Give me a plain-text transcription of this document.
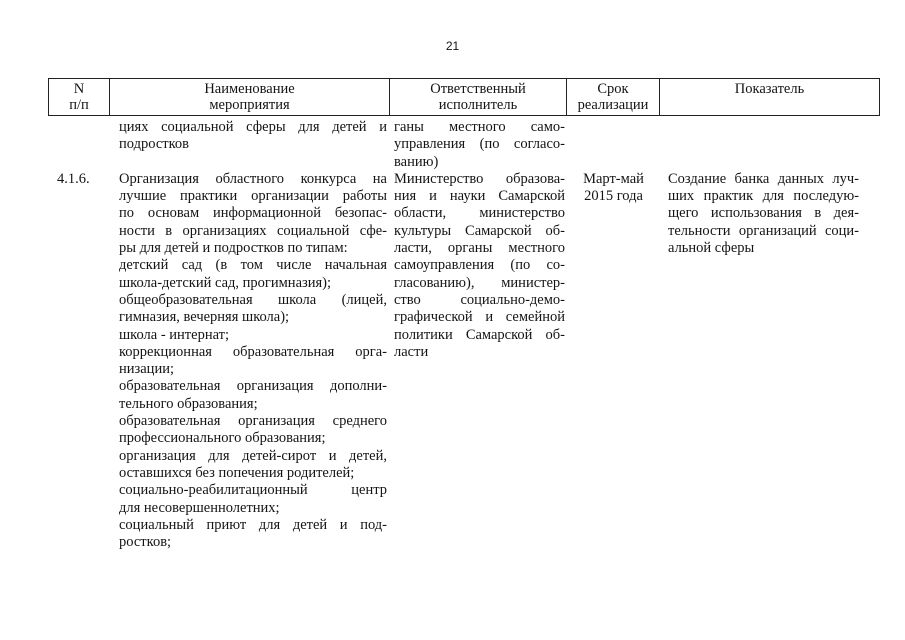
21
N
п/п
Наименование
мероприятия
Ответственный
исполнитель
Срок
реализации
Показатель
циях социальной сферы для детей и
подростков
ганы местного само-
управления (по согласо-
ванию)
4.1.6.	Организация областного конкурса на
лучшие практики организации работы
по основам информационной безопас-
ности в организациях социальной сфе-
ры для детей и подростков по типам:
детский сад (в том числе начальная
школа-детский сад, прогимназия);
общеобразовательная школа (лицей,
гимназия, вечерняя школа);
школа - интернат;
коррекционная образовательная орга-
низации;
образовательная организация дополни-
тельного образования;
образовательная организация среднего
профессионального образования;
организация для детей-сирот и детей,
оставшихся без попечения родителей;
социально-реабилитационный центр
для несовершеннолетних;
социальный приют для детей и под-
ростков;
Министерство образова-
ния и науки Самарской
области, министерство
культуры Самарской об-
ласти, органы местного
самоуправления (по со-
гласованию), министер-
ство социально-демо-
графической и семейной
политики Самарской об-
ласти
Март-май
2015 года
Создание банка данных луч-
ших практик для последую-
щего использования в дея-
тельности организаций соци-
альной сферы
